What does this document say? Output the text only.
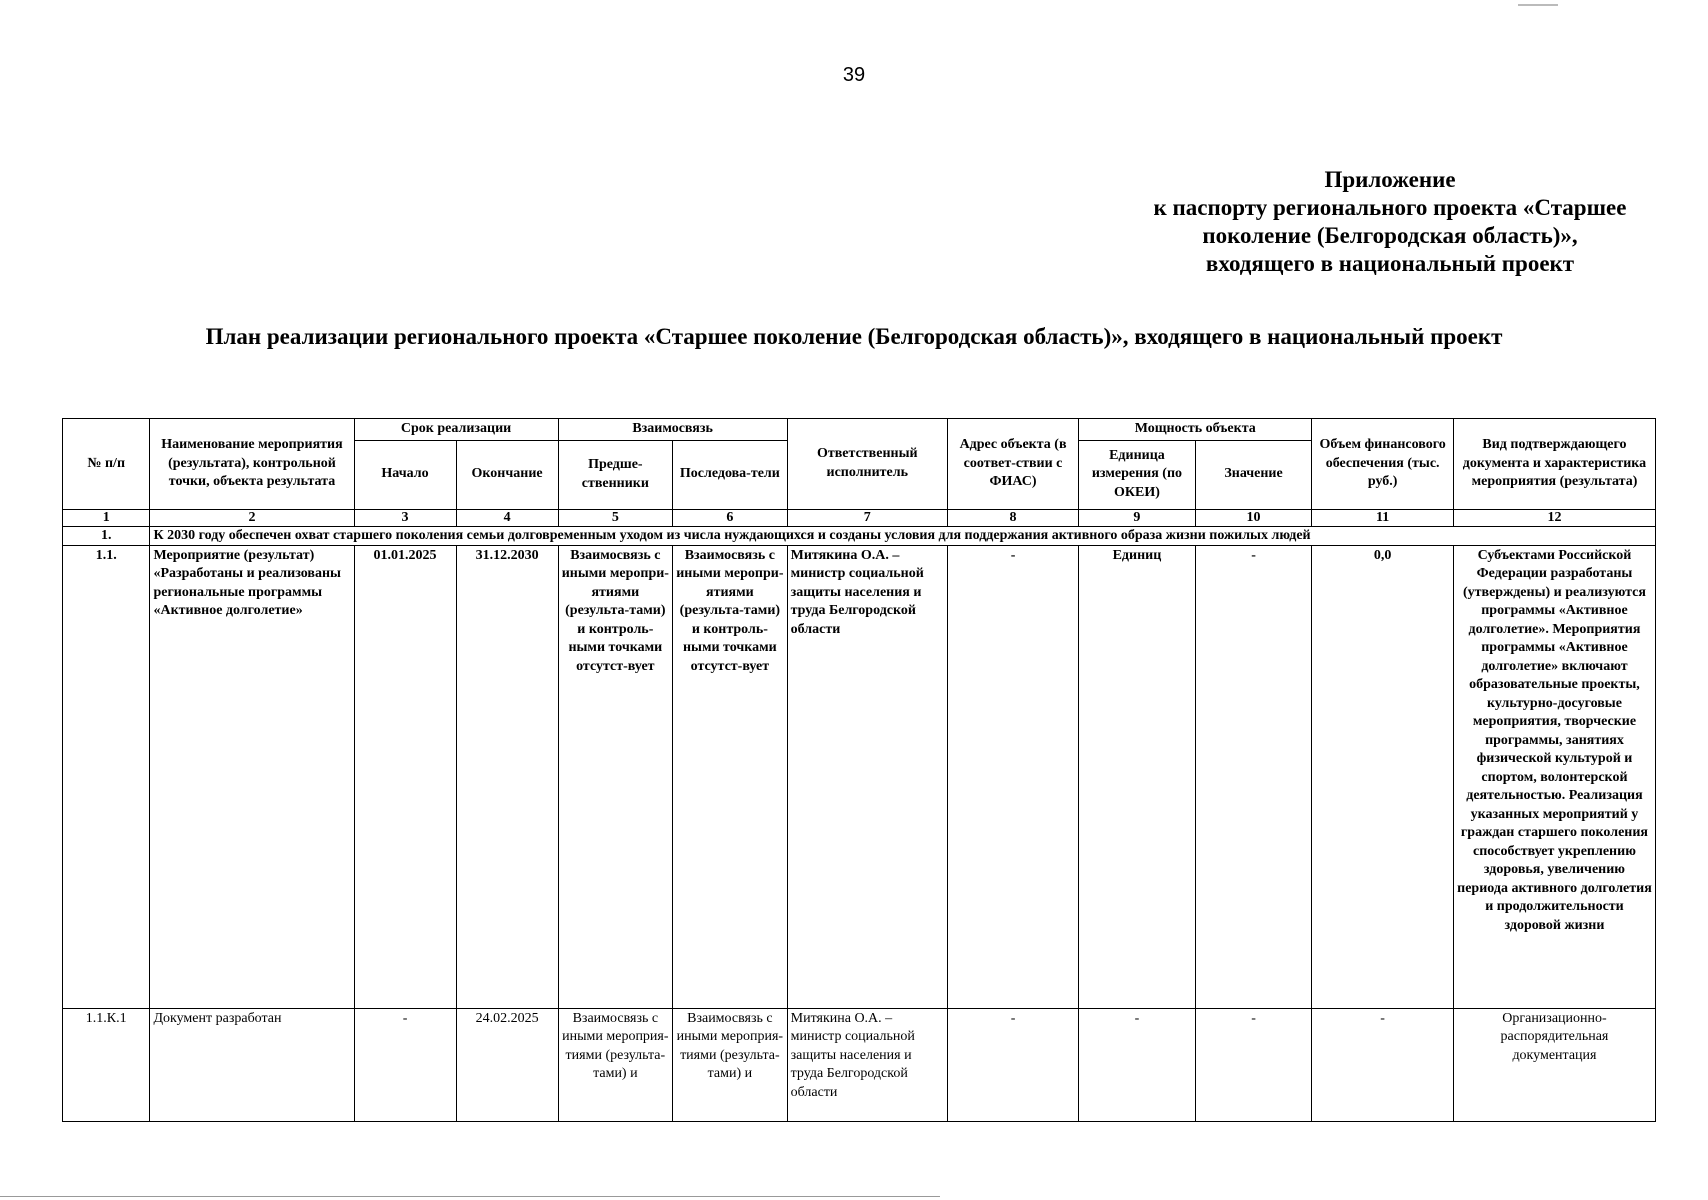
39
Приложение
к паспорту регионального проекта «Старшее
поколение (Белгородская область)»,
входящего в национальный проект
План реализации регионального проекта «Старшее поколение (Белгородская область)», входящего в национальный проект
№ п/п	Наименование мероприятия (результата), контрольной точки, объекта результата	Срок реализации		Взаимосвязь		Ответственный исполнитель	Адрес объекта (в соответ-ствии с ФИАС)	Мощность объекта		Объем финансового обеспечения (тыс. руб.)	Вид подтверждающего документа и характеристика мероприятия (результата)
		Начало	Окончание	Предше-ственники	Последова-тели			Единица измерения (по ОКЕИ)	Значение		
1	2	3	4	5	6	7	8	9	10	11	12
1.	К 2030 году обеспечен охват старшего поколения семьи долговременным уходом из числа нуждающихся и созданы условия для поддержания активного образа жизни пожилых людей										
1.1.	Мероприятие (результат) «Разработаны и реализованы региональные программы «Активное долголетие»	01.01.2025	31.12.2030	Взаимосвязь с иными меропри-ятиями (результа-тами) и контроль-ными точками отсутст-вует	Взаимосвязь с иными меропри-ятиями (результа-тами) и контроль-ными точками отсутст-вует	Митякина О.А. – министр социальной защиты населения и труда Белгородской области	-	Единиц	-	0,0	Субъектами Российской Федерации разработаны (утверждены) и реализуются программы «Активное долголетие». Мероприятия программы «Активное долголетие» включают образовательные проекты, культурно-досуговые мероприятия, творческие программы, занятиях физической культурой и спортом, волонтерской деятельностью. Реализация указанных мероприятий у граждан старшего поколения способствует укреплению здоровья, увеличению периода активного долголетия и продолжительности здоровой жизни
1.1.К.1	Документ разработан	-	24.02.2025	Взаимосвязь с иными мероприя-тиями (результа-тами) и	Взаимосвязь с иными мероприя-тиями (результа-тами) и	Митякина О.А. – министр социальной защиты населения и труда Белгородской области	-	-	-	-	Организационно-распорядительная документация
